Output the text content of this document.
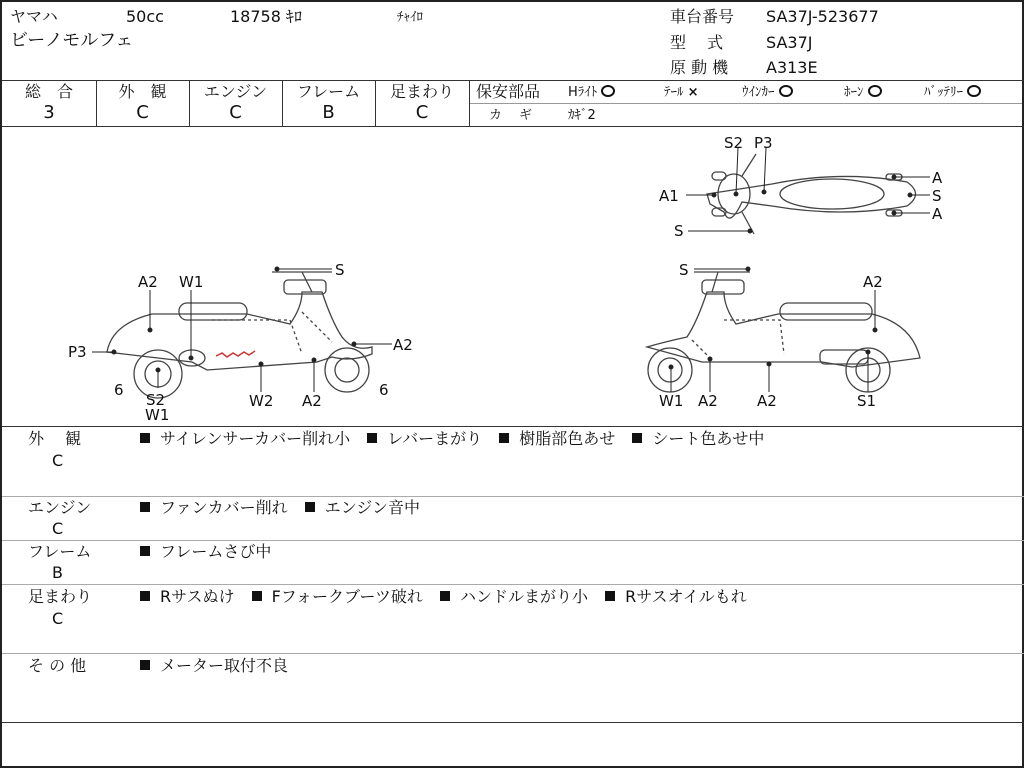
ヤマハ	50cc	18758 ｷﾛ	ﾁｬｲﾛ
ビーノモルフェ
車台番号 SA37J-523677
型　 式	SA37J
原 動 機 A313E
総　合	外　観	エンジン	フレーム	足まわり
3	C	C	B	C
保安部品 Hﾗｲﾄ	ﾃｰﾙ ×	ｳｲﾝｶｰ	ﾎｰﾝ	ﾊﾞｯﾃﾘｰ
カ　ギ	ｶｷﾞ2
S2 P3
A1
A
S
A
S
S
A2 W1
P3	A2
6
S2
W1
W2 A2
6
S
A2
W1 A2	A2	S1
外　 観
C
サイレンサーカバー削れ小 レバーまがり 樹脂部色あせ シート色あせ中
エンジン
C
ファンカバー削れ エンジン音中
フレーム
B
フレームさび中
足まわり
C
Rサスぬけ Fフォークブーツ破れ ハンドルまがり小 Rサスオイルもれ
そ の 他	メーター取付不良
